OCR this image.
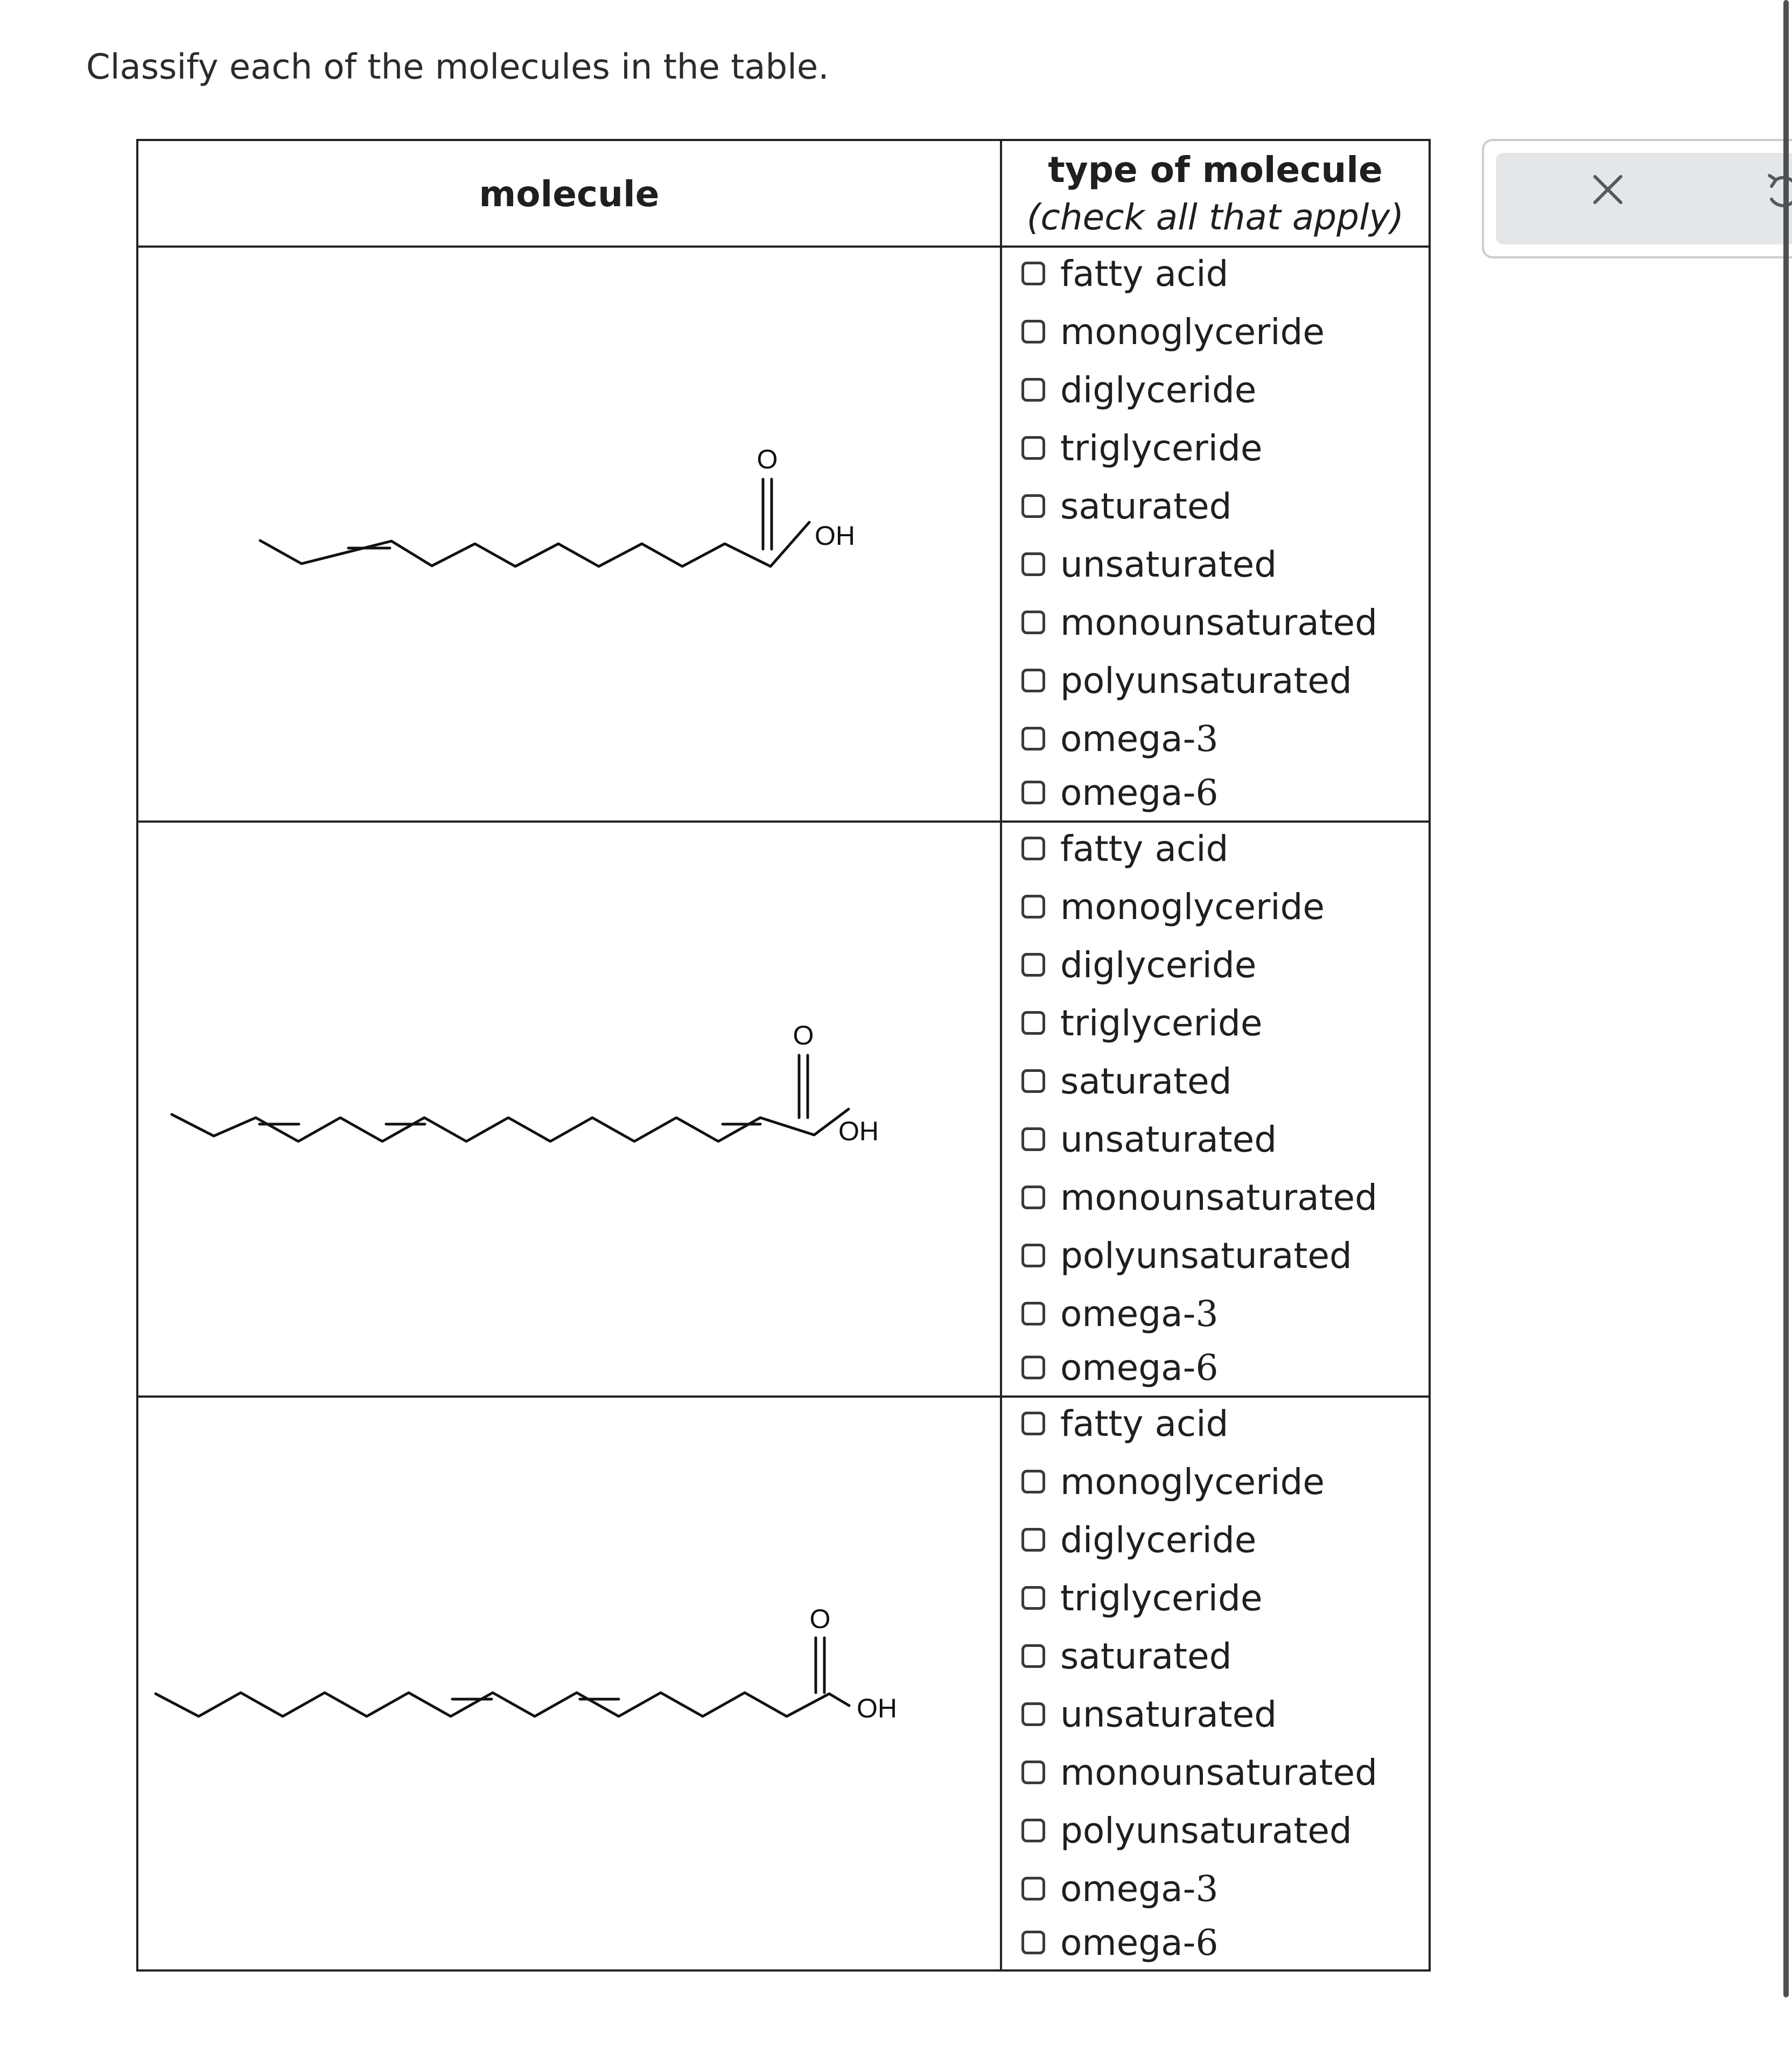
Classify each of the molecules in the table.
molecule
type of molecule
(check all that apply)
O
OH
O
OH
O
OH
fatty acid
monoglyceride
diglyceride
triglyceride
saturated
unsaturated
monounsaturated
polyunsaturated
omega- 3
omega- 6
fatty acid
monoglyceride
diglyceride
triglyceride
saturated
unsaturated
monounsaturated
polyunsaturated
omega- 3
omega- 6
fatty acid
monoglyceride
diglyceride
triglyceride
saturated
unsaturated
monounsaturated
polyunsaturated
omega- 3
omega- 6
